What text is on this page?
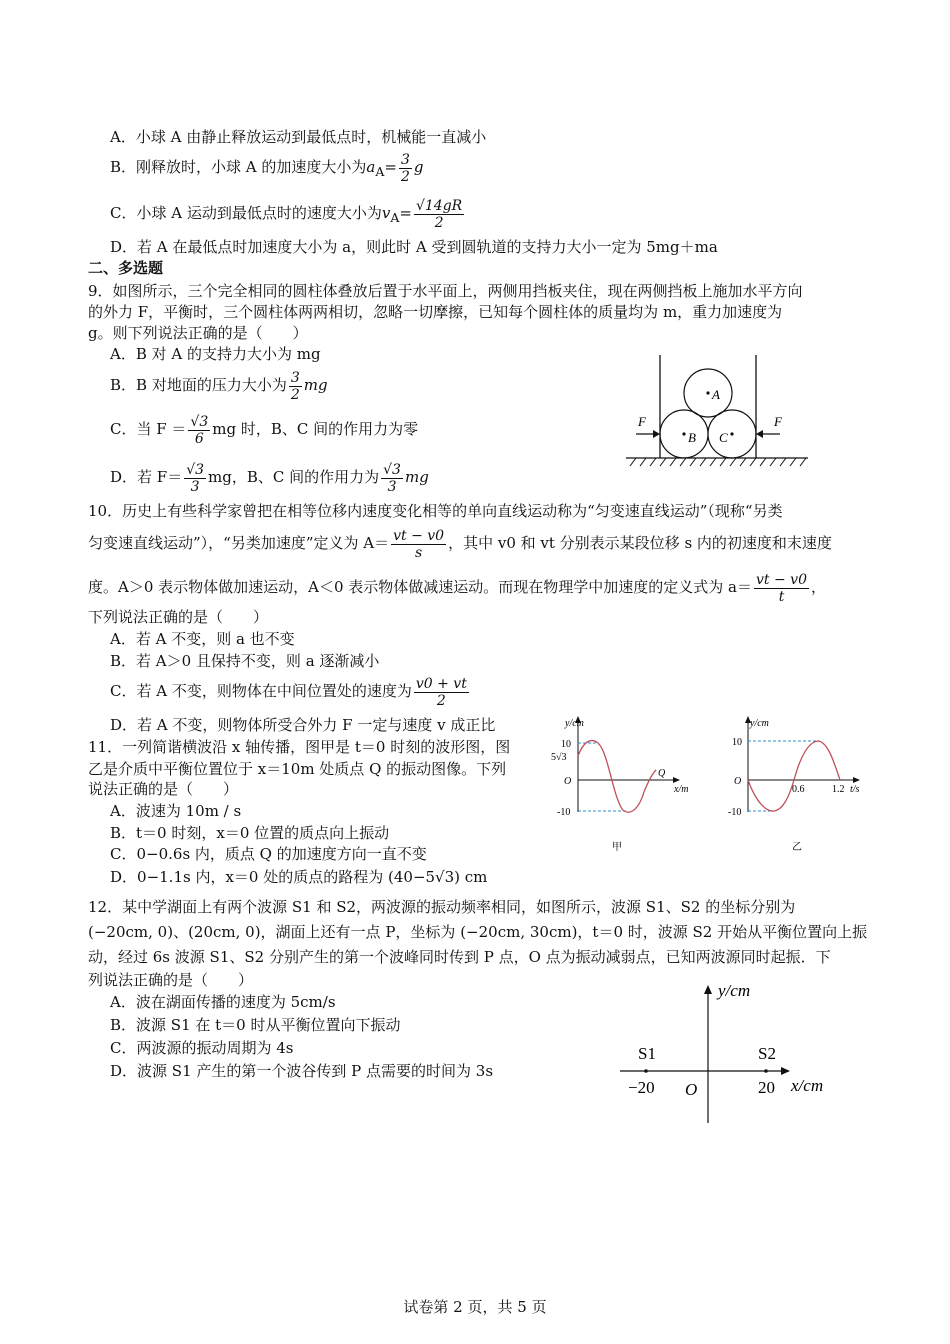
A．小球 A 由静止释放运动到最低点时，机械能一直减小
B．刚释放时，小球 A 的加速度大小为$a_A= \frac{3}{2}$ g
C．小球 A 运动到最低点时的速度大小为$v_A= \frac{√14gR}{2}$
D．若 A 在最低点时加速度大小为 a，则此时 A 受到圆轨道的支持力大小一定为 5mg＋ma
二、多选题
9．如图所示，三个完全相同的圆柱体叠放后置于水平面上，两侧用挡板夹住，现在两侧挡板上施加水平方向
的外力 F，平衡时，三个圆柱体两两相切，忽略一切摩擦，已知每个圆柱体的质量均为 m，重力加速度为
g。则下列说法正确的是（　　）
A．B 对 A 的支持力大小为 mg
B．B 对地面的压力大小为 $\frac{3}{2}$ mg
C．当 $F = \frac{√3}{6}$ mg 时，B、C 间的作用力为零
D．若 $F= \frac{√3}{3}$ mg，B、C 间的作用力为 $\frac{√3}{3}$ mg
A
B C
F	F
10．历史上有些科学家曾把在相等位移内速度变化相等的单向直线运动称为“匀变速直线运动”（现称“另类
匀变速直线运动”），“另类加速度”定义为 $A= \frac{vt - v0}{s}$ ，其中 v0 和 vt 分别表示某段位移 s 内的初速度和末速度
度。A＞0 表示物体做加速运动，A＜0 表示物体做减速运动。而现在物理学中加速度的定义式为 $a= \frac{vt - v0}{t}$ ，
下列说法正确的是（　　）
A．若 A 不变，则 a 也不变
B．若 A＞0 且保持不变，则 a 逐渐减小
C．若 A 不变，则物体在中间位置处的速度为 $\frac{v0 + vt}{2}$
D．若 A 不变，则物体所受合外力 F 一定与速度 v 成正比
11．一列简谐横波沿 x 轴传播，图甲是 t＝0 时刻的波形图，图
乙是介质中平衡位置位于 x＝10m 处质点 Q 的振动图像。下列
说法正确的是（　　）
A．波速为 10m / s
B．t＝0 时刻，x＝0 位置的质点向上振动
C．0−0.6s 内，质点 Q 的加速度方向一直不变
D．0−1.1s 内，x＝0 处的质点的路程为 (40−5√3) cm
y/cm
10
5√3
O
-10
Q
x/m
甲
y/cm
10
O
-10
0.6	1.2 t/s
乙
12．某中学湖面上有两个波源 S1 和 S2，两波源的振动频率相同，如图所示，波源 S1、S2 的坐标分别为
(−20cm, 0)、(20cm, 0)，湖面上还有一点 P，坐标为 (−20cm, 30cm)，t＝0 时，波源 S2 开始从平衡位置向上振
动，经过 6s 波源 S1、S2 分别产生的第一个波峰同时传到 P 点，O 点为振动减弱点，已知两波源同时起振．下
列说法正确的是（　　）
A．波在湖面传播的速度为 5cm/s
B．波源 S1 在 t＝0 时从平衡位置向下振动
C．两波源的振动周期为 4s
D．波源 S1 产生的第一个波谷传到 P 点需要的时间为 3s
y/cm
S1	S2
−20 O	20 x/cm
试卷第 2 页，共 5 页
